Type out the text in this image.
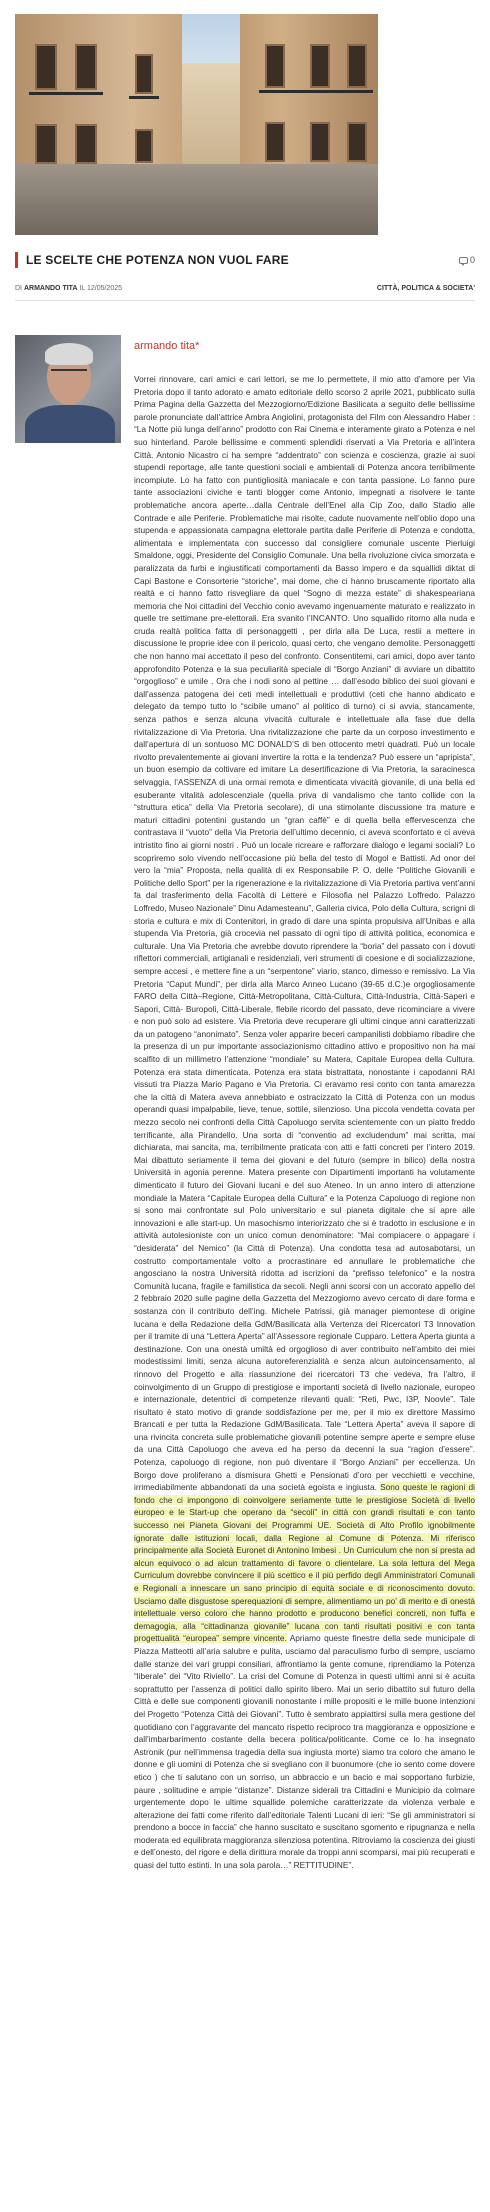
LE SCELTE CHE POTENZA NON VUOL FARE	0
DI ARMANDO TITA IL 12/05/2025	CITTÀ, POLITICA & SOCIETA'
armando tita*
Vorrei rinnovare, cari amici e cari lettori, se me lo permettete, il mio atto d’amore per Via Pretoria dopo il tanto adorato e amato editoriale dello scorso 2 aprile 2021, pubblicato sulla Prima Pagina della Gazzetta del Mezzogiorno/Edizione Basilicata a seguito delle bellissime parole pronunciate dall’attrice Ambra Angiolini, protagonista del Film con Alessandro Haber : “La Notte più lunga dell’anno” prodotto con Rai Cinema e interamente girato a Potenza e nel suo hinterland. Parole bellissime e commenti splendidi riservati a Via Pretoria e all’intera Città. Antonio Nicastro ci ha sempre “addentrato” con scienza e coscienza, grazie ai suoi stupendi reportage, alle tante questioni sociali e ambientali di Potenza ancora terribilmente incompiute. Lo ha fatto con puntigliosità maniacale e con tanta passione. Lo fanno pure tante associazioni civiche e tanti blogger come Antonio, impegnati a risolvere le tante problematiche ancora aperte…dalla Centrale dell’Enel alla Cip Zoo, dallo Stadio alle Contrade e alle Periferie. Problematiche mai risolte, cadute nuovamente nell’oblio dopo una stupenda e appassionata campagna elettorale partita dalle Periferie di Potenza e condotta, alimentata e implementata con successo dal consigliere comunale uscente Pierluigi Smaldone, oggi, Presidente del Consiglio Comunale. Una bella rivoluzione civica smorzata e paralizzata da furbi e ingiustificati comportamenti da Basso impero e da squallidi diktat di Capi Bastone e Consorterie “storiche”, mai dome, che ci hanno bruscamente riportato alla realtà e ci hanno fatto risvegliare da quel “Sogno di mezza estate” di shakespeariana memoria che Noi cittadini del Vecchio conio avevamo ingenuamente maturato e realizzato in quelle tre settimane pre-elettorali. Era svanito l’INCANTO. Uno squallido ritorno alla nuda e cruda realtà politica fatta di personaggetti , per dirla alla De Luca, restii a mettere in discussione le proprie idee con il pericolo, quasi certo, che vengano demolite. Personaggetti che non hanno mai accettato il peso del confronto. Consentitemi, cari amici, dopo aver tanto approfondito Potenza e la sua peculiarità speciale di “Borgo Anziani” di avviare un dibattito “orgoglioso” e umile . Ora che i nodi sono al pettine … dall’esodo biblico dei suoi giovani e dall’assenza patogena dei ceti medi intellettuali e produttivi (ceti che hanno abdicato e delegato da tempo tutto lo “scibile umano” al politico di turno) ci si avvia, stancamente, senza pathos e senza alcuna vivacità culturale e intellettuale alla fase due della rivitalizzazione di Via Pretoria. Una rivitalizzazione che parte da un corposo investimento e dall’apertura di un sontuoso MC DONALD’S di ben ottocento metri quadrati. Può un locale rivolto prevalentemente ai giovani invertire la rotta e la tendenza? Può essere un “apripista”, un buon esempio da coltivare ed imitare La desertificazione di Via Pretoria, la saracinesca selvaggia, l’ASSENZA di una ormai remota e dimenticata vivacità giovanile, di una bella ed esuberante vitalità adolescenziale (quella priva di vandalismo che tanto collide con la “struttura etica” della Via Pretoria secolare), di una stimolante discussione tra mature e maturi cittadini potentini gustando un “gran caffè” e di quella bella effervescenza che contrastava il “vuoto” della Via Pretoria dell’ultimo decennio, ci aveva sconfortato e ci aveva intristito fino ai giorni nostri . Può un locale ricreare e rafforzare dialogo e legami sociali? Lo scopriremo solo vivendo nell’occasione più bella del testo di Mogol e Battisti. Ad onor del vero la “mia” Proposta, nella qualità di ex Responsabile P. O. delle “Politiche Giovanili e Politiche dello Sport” per la rigenerazione e la rivitalizzazione di Via Pretoria partiva vent’anni fa dal trasferimento della Facoltà di Lettere e Filosofia nel Palazzo Loffredo. Palazzo Loffredo, Museo Nazionale” Dinu Adamesteanu”, Galleria civica, Polo della Cultura, scrigni di storia e cultura e mix di Contenitori, in grado di dare una spinta propulsiva all’Unibas e alla stupenda Via Pretoria, già crocevia nel passato di ogni tipo di attività politica, economica e culturale. Una Via Pretoria che avrebbe dovuto riprendere la “boria” del passato con i dovuti riflettori commerciali, artigianali e residenziali, veri strumenti di coesione e di socializzazione, sempre accesi , e mettere fine a un “serpentone” viario, stanco, dimesso e remissivo. La Via Pretoria “Caput Mundi”, per dirla alla Marco Anneo Lucano (39-65 d.C.)e orgogliosamente FARO della Città–Regione, Città-Metropolitana, Città-Cultura, Città-Industria, Città-Saperi e Sapori, Città- Buropoli, Città-Liberale, flebile ricordo del passato, deve ricominciare a vivere e non può solo ad esistere. Via Pretoria deve recuperare gli ultimi cinque anni caratterizzati da un patogeno “anonimato”. Senza voler apparire beceri campanilisti dobbiamo ribadire che la presenza di un pur importante associazionismo cittadino attivo e propositivo non ha mai scalfito di un millimetro l’attenzione “mondiale” su Matera, Capitale Europea della Cultura. Potenza era stata dimenticata. Potenza era stata bistrattata, nonostante i capodanni RAI vissuti tra Piazza Mario Pagano e Via Pretoria. Ci eravamo resi conto con tanta amarezza che la città di Matera aveva annebbiato e ostracizzato la Città di Potenza con un modus operandi quasi impalpabile, lieve, tenue, sottile, silenzioso. Una piccola vendetta covata per mezzo secolo nei confronti della Città Capoluogo servita scientemente con un piatto freddo terrificante, alla Pirandello. Una sorta di “conventio ad excludendum” mai scritta, mai dichiarata, mai sancita, ma, terribilmente praticata con atti e fatti concreti per l’intero 2019. Mai dibattuto seriamente il tema dei giovani e del futuro (sempre in bilico) della nostra Università in agonia perenne. Matera presente con Dipartimenti importanti ha volutamente dimenticato il futuro dei Giovani lucani e del suo Ateneo. In un anno intero di attenzione mondiale la Matera “Capitale Europea della Cultura” e la Potenza Capoluogo di regione non si sono mai confrontate sul Polo universitario e sul pianeta digitale che si apre alle innovazioni e alle start-up. Un masochismo interiorizzato che si è tradotto in esclusione e in attività autolesioniste con un unico comun denominatore: “Mai compiacere o appagare i “desiderata” del Nemico” (la Città di Potenza). Una condotta tesa ad autosabotarsi, un costrutto comportamentale volto a procrastinare ed annullare le problematiche che angosciano la nostra Università ridotta ad iscrizioni da “prefisso telefonico” e la nostra Comunità lucana, fragile e familistica da secoli. Negli anni scorsi con un accorato appello del 2 febbraio 2020 sulle pagine della Gazzetta del Mezzogiorno avevo cercato di dare forma e sostanza con il contributo dell’ing. Michele Patrissi, già manager piemontese di origine lucana e della Redazione della GdM/Basilicata alla Vertenza dei Ricercatori T3 Innovation per il tramite di una “Lettera Aperta” all’Assessore regionale Cupparo. Lettera Aperta giunta a destinazione. Con una onestà umiltà ed orgoglioso di aver contribuito nell’ambito dei miei modestissimi limiti, senza alcuna autoreferenzialità e senza alcun autoincensamento, al rinnovo del Progetto e alla riassunzione dei ricercatori T3 che vedeva, fra l’altro, il coinvolgimento di un Gruppo di prestigiose e importanti società di livello nazionale, europeo e internazionale, detentrici di competenze rilevanti quali: “Reti, Pwc, I3P, Noovle”. Tale risultato è stato motivo di grande soddisfazione per me, per il mio ex direttore Massimo Brancati e per tutta la Redazione GdM/Basilicata. Tale “Lettera Aperta” aveva il sapore di una rivincita concreta sulle problematiche giovanili potentine sempre aperte e sempre eluse da una Città Capoluogo che aveva ed ha perso da decenni la sua “ragion d’essere”. Potenza, capoluogo di regione, non può diventare il “Borgo Anziani” per eccellenza. Un Borgo dove proliferano a dismisura Ghetti e Pensionati d’oro per vecchietti e vecchine, irrimediabilmente abbandonati da una società egoista e ingiusta. Sono queste le ragioni di fondo che ci impongono di coinvolgere seriamente tutte le prestigiose Società di livello europeo e le Start-up che operano da “secoli” in città con grandi risultati e con tanto successo nei Pianeta Giovani dei Programmi UE. Società di Alto Profilo ignobilmente ignorate dalle istituzioni locali, dalla Regione al Comune di Potenza. Mi riferisco principalmente alla Società Euronet di Antonino Imbesi . Un Curriculum che non si presta ad alcun equivoco o ad alcun trattamento di favore o clientelare. La sola lettura del Mega Curriculum dovrebbe convincere il più scettico e il più perfido degli Amministratori Comunali e Regionali a innescare un sano principio di equità sociale e di riconoscimento dovuto. Usciamo dalle disgustose sperequazioni di sempre, alimentiamo un po’ di merito e di onestà intellettuale verso coloro che hanno prodotto e producono benefici concreti, non fuffa e demagogia, alla “cittadinanza giovanile” lucana con tanti risultati positivi e con tanta progettualità “europea” sempre vincente. Apriamo queste finestre della sede municipale di Piazza Matteotti all’aria salubre e pulita, usciamo dal paraculismo furbo di sempre, usciamo dalle stanze dei vari gruppi consiliari, affrontiamo la gente comune, riprendiamo la Potenza “liberale” dei “Vito Riviello”. La crisi del Comune di Potenza in questi ultimi anni si è acuita soprattutto per l’assenza di politici dallo spirito libero. Mai un serio dibattito sul futuro della Città e delle sue componenti giovanili nonostante i mille propositi e le mille buone intenzioni del Progetto “Potenza Città dei Giovani”. Tutto è sembrato appiattirsi sulla mera gestione del quotidiano con l’aggravante del mancato rispetto reciproco tra maggioranza e opposizione e dall’imbarbarimento costante della becera politica/politicante. Come ce lo ha insegnato Astronik (pur nell’immensa tragedia della sua ingiusta morte) siamo tra coloro che amano le donne e gli uomini di Potenza che si svegliano con il buonumore (che io sento come dovere etico ) che ti salutano con un sorriso, un abbraccio e un bacio e mai sopportano furbizie, paure , solitudine e ampie “distanze”. Distanze siderali tra Cittadini e Municipio da colmare urgentemente dopo le ultime squallide polemiche caratterizzate da violenza verbale e alterazione dei fatti come riferito dall’editoriale Talenti Lucani di ieri: “Se gli amministratori si prendono a bocce in faccia” che hanno suscitato e suscitano sgomento e ripugnanza e nella moderata ed equilibrata maggioranza silenziosa potentina. Ritroviamo la coscienza dei giusti e dell’onesto, del rigore e della dirittura morale da troppi anni scomparsi, mai più recuperati e quasi del tutto estinti. In una sola parola…” RETTITUDINE”.
